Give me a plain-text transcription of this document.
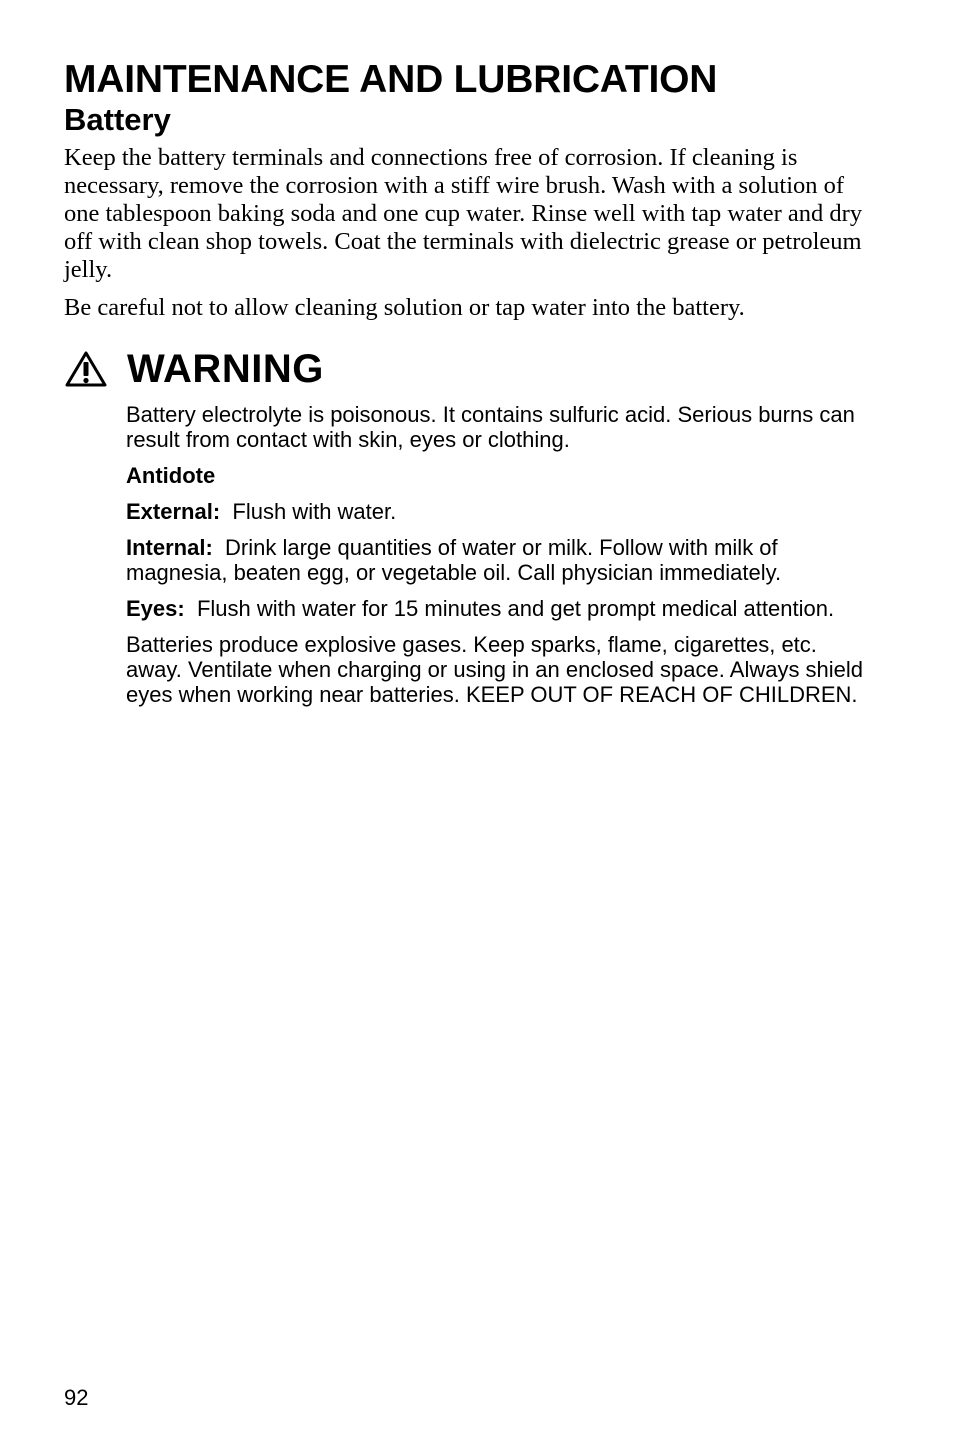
MAINTENANCE AND LUBRICATION
Battery

Keep the battery terminals and connections free of corrosion. If cleaning is necessary, remove the corrosion with a stiff wire brush. Wash with a solution of one tablespoon baking soda and one cup water. Rinse well with tap water and dry off with clean shop towels. Coat the terminals with dielectric grease or petroleum jelly.

Be careful not to allow cleaning solution or tap water into the battery.

WARNING

Battery electrolyte is poisonous. It contains sulfuric acid. Serious burns can result from contact with skin, eyes or clothing.

Antidote

External: Flush with water.

Internal: Drink large quantities of water or milk. Follow with milk of magnesia, beaten egg, or vegetable oil. Call physician immediately.

Eyes: Flush with water for 15 minutes and get prompt medical attention.

Batteries produce explosive gases. Keep sparks, flame, cigarettes, etc. away. Ventilate when charging or using in an enclosed space. Always shield eyes when working near batteries. KEEP OUT OF REACH OF CHILDREN.

92
